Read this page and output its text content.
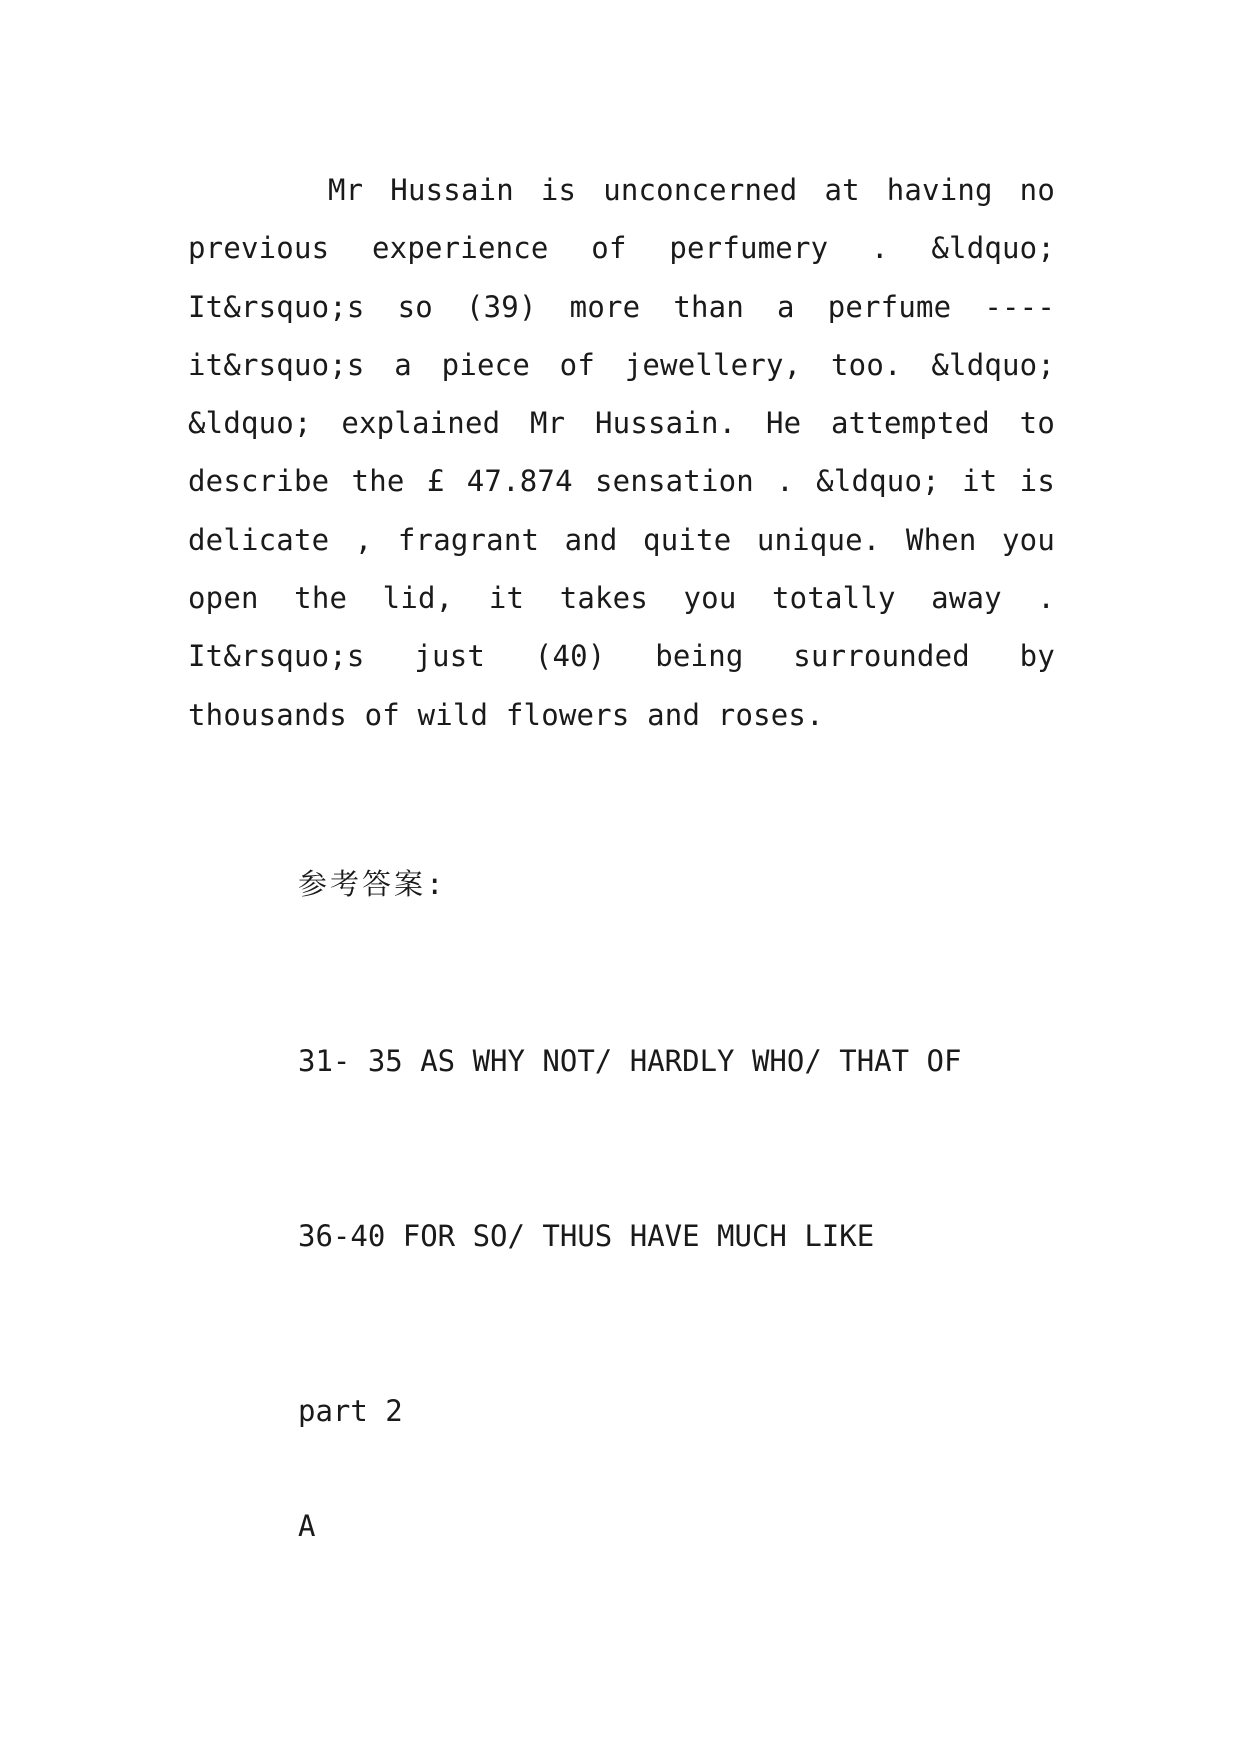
Mr Hussain is unconcerned at having no previous experience of perfumery . &ldquo; It&rsquo;s so (39) more than a perfume ---- it&rsquo;s a piece of jewellery, too. &ldquo; &ldquo; explained Mr Hussain. He attempted to describe the £ 47.874 sensation . &ldquo; it is delicate , fragrant and quite unique. When you open the lid, it takes you totally away . It&rsquo;s just (40) being surrounded by thousands of wild flowers and roses.

参考答案:

31- 35 AS WHY NOT/ HARDLY WHO/ THAT OF

36-40 FOR SO/ THUS HAVE MUCH LIKE

part 2

A
